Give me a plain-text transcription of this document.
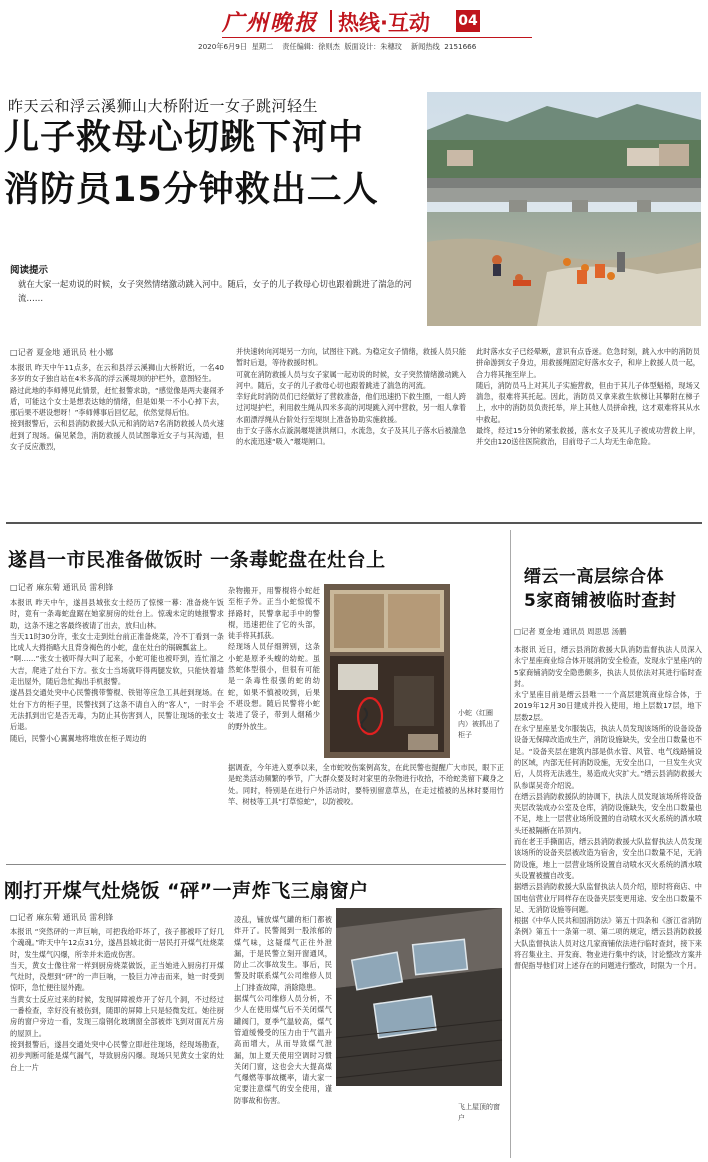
广州晚报 热线·互动 04
2020年6月9日  星期二    责任编辑：徐则杰  版面设计：朱穗玟    新闻热线  2151666
昨天云和浮云溪狮山大桥附近一女子跳河轻生
儿子救母心切跳下河中
消防员15分钟救出二人
阅读提示
就在大家一起劝说的时候，女子突然情绪激动跳入河中。随后，女子的儿子救母心切也跟着跳进了湍急的河流……
□ 记者 夏金地 通讯员 杜小娜
本报讯 昨天中午11点多，在云和县浮云溪狮山大桥附近，一名40多岁的女子独自站在4米多高的浮云溪堤坝的护栏外，意图轻生。
路过此地的李师傅见此情景，赶忙报警求助，“感觉像是两夫妻闹矛盾，可能这个女士是想表达她的情绪，但是如果一不小心掉下去，那后果不堪设想呀！”李师傅事后回忆起，依然觉得后怕。
接到报警后，云和县消防救援大队元和消防站7名消防救援人员火速赶到了现场。偏见紧急，消防救援人员试图靠近女子与其沟通，但女子反应激烈，
并快速转向河堤另一方向，试图往下跳。为稳定女子情绪，救援人员只能暂时后退，等待救援时机。
可就在消防救援人员与女子家属一起劝说的时候，女子突然情绪激动跳入河中。随后，女子的儿子救母心切也跟着跳进了湍急的河流。
幸好此时消防员们已经做好了营救准备，他们迅速扔下救生圈，一组人跨过河堤护栏，利用救生绳从四米多高的河堤跳入河中营救，另一组人拿着水面漂浮绳从台阶处行至堤坝上准备协助实施救援。
由于女子落水点漩涡堰堤泄洪闸口，水流急，女子及其儿子落水后被湍急的水流迅速“吸入”堰堤闸口。
此时落水女子已经晕厥，意识有点昏迷。危急时刻，跳入水中的消防员拼命游到女子身边，用救援绳固定好落水女子，和岸上救援人员一起，合力将其拖至岸上。
随后，消防员马上对其儿子实施营救，但由于其儿子体型魁梧，现场又湍急，很难将其托起。因此，消防员又拿来救生软梯让其攀附在梯子上，水中的消防员负责托举，岸上其他人员拼命拽，这才艰难将其从水中救起。
最终，经过15分钟的紧张救援，落水女子及其儿子被成功营救上岸，并交由120送往医院救治，目前母子二人均无生命危险。
遂昌一市民准备做饭时 一条毒蛇盘在灶台上
□ 记者 麻东菊 通讯员 雷利锋
本报讯 昨天中午，遂昌县城张女士经历了惊悚一幕：准备烧午饭时，竟有一条毒蛇盘踞在她家厨房的灶台上。惊魂未定的她报警求助，这条不速之客最终被请了出去，放归山林。
当天11时30分许，张女士走到灶台前正准备烧菜，冷不丁看到一条比成人大拇指略大且背身褐色的小蛇，盘在灶台的锅碗瓢盆上。
“啊……”张女士被吓得大叫了起来，小蛇可能也被吓到，连忙溜之大吉，爬进了灶台下方。张女士当场就吓得两腿发软，只能快着墙走出屋外，随后急忙掏出手机报警。
遂昌县交通处突中心民警携带警棍、铁钳等应急工具赶到现场。在灶台下方的柜子里，民警找到了这条不请自入的“客人”，一时半会无法抓到出它是否无毒，为防止其伤害到人，民警让现场的张女士后退。
随后，民警小心翼翼地将堆放在柜子周边的
杂物搬开，用警棍将小蛇赶至柜子外。正当小蛇惊慌不择路时，民警拿起手中的警棍，迅速把住了它的头部，徒手将其抓获。
经现场人员仔细辨别，这条小蛇是原矛头蝮的幼蛇。虽然蛇体型很小，但很有可能是一条毒性很强的蛇的幼蛇，如果不慎被咬到，后果不堪设想。随后民警将小蛇装进了袋子，带到人烟稀少的野外放生。
据调查，今年进入夏季以来，全市蛇咬伤案例高发，在此民警也提醒广大市民，眼下正是蛇类活动频繁的季节，广大群众要及时对家里的杂物进行收拾，不给蛇类留下藏身之处。同时，特别是在进行户外活动时，要特别留意草丛，在走过植被的丛林时要用竹竿、树枝等工具“打草惊蛇”，以防被咬。
小蛇（红圈内）被抓出了柜子
刚打开煤气灶烧饭 “砰”一声炸飞三扇窗户
□ 记者 麻东菊 通讯员 雷利锋
本报讯 “突然砰的一声巨响，可把我给吓坏了，孩子都被吓了好几个魂魂。”昨天中午12点31分，遂昌县城北街一居民打开煤气灶烧菜时，发生煤气闪爆，所幸并未造成伤害。
当天，黄女士像往常一样到厨房烧菜做饭，正当她进入厨房打开煤气灶时，没想到“砰”的一声巨响，一股巨力冲击而来，她一时受到惊吓，急忙便往屋外跑。
当黄女士反应过来的时候，发现屏障被炸开了好几个洞，不过经过一番检查，幸好没有被伤到，随即的屏障上只是轻微发红。她往厨房的窗户旁边一看，发现三扇钢化玻璃窗全部被炸飞到对面瓦片房的屋顶上。
接到报警后，遂昌交通处突中心民警立即赶往现场，经现场勘查，初步判断可能是煤气漏气，导致厨房闪爆。现场只见黄女士家的灶台上一片
凌乱，铺放煤气罐的柜门都被炸开了。民警闻到一股浓郁的煤气味，这疑煤气正往外泄漏，于是民警立刻开窗通风，防止二次事故发生。事后，民警及时联系煤气公司维修人员上门排查故障，消除隐患。
据煤气公司维修人员分析，不少人在使用煤气后不关闭煤气罐阀门，夏季气温较高，煤气管道缓慢受的压力由于气温升高而增大，从而导致煤气泄漏，加上夏天使用空调时习惯关闭门窗，这也会大大提高煤气爆燃等事故概率，请大家一定要注意煤气的安全使用，谨防事故和伤害。
飞上屋顶的窗户
缙云一高层综合体
5家商铺被临时查封
□ 记者 夏金地 通讯员 周思思 汤鹏
本报讯 近日，缙云县消防救援大队消防监督执法人员深入永宁星座商业综合体开展消防安全检查，发现永宁星座内的5家商铺消防安全隐患颇多，执法人员依法对其进行临时查封。
永宁星座目前是缙云县唯一一个高层建筑商业综合体，于2019年12月30日建成并投入使用，地上层数17层，地下层数2层。
在永宁星座星戈尔服装店，执法人员发现该场所的设备设备设备无保障改造成生产，消防设施缺失，安全出口数量也不足。“设备夹层在建筑内部是供水管、风管、电气线路铺设的区域，内部无任何消防设施，无安全出口，一旦发生火灾后，人员将无法逃生，易造成火灾扩大。”缙云县消防救援大队参谋吴奇介绍说。
在缙云县消防救援队的协调下，执法人员发现该场所将设备夹层改装成办公室及仓库，消防设施缺失，安全出口数量也不足，地上一层营业场所设置的自动喷水灭火系统的洒水喷头还被隔断在吊顶内。
而在老王手撕面店，缙云县消防救援大队监督执法人员发现该场所的设备夹层被改造为宿舍，安全出口数量不足，无消防设施，地上一层营业场所设置自动喷水灭火系统的洒水喷头设置被擅自改变。
据缙云县消防救援大队监督执法人员介绍，原时将商店、中国电信营业厅同样存在设备夹层变更用途、安全出口数量不足、无消防设施等问题。
根据《中华人民共和国消防法》第五十四条和《浙江省消防条例》第五十一条第一项、第二项的规定，缙云县消防救援大队监督执法人员对这几家商铺依法进行临时查封，接下来将召集业主、开发商、物业进行集中约谈，讨论整改方案并督促指导他们对上述存在的问题进行整改，时限为一个月。
